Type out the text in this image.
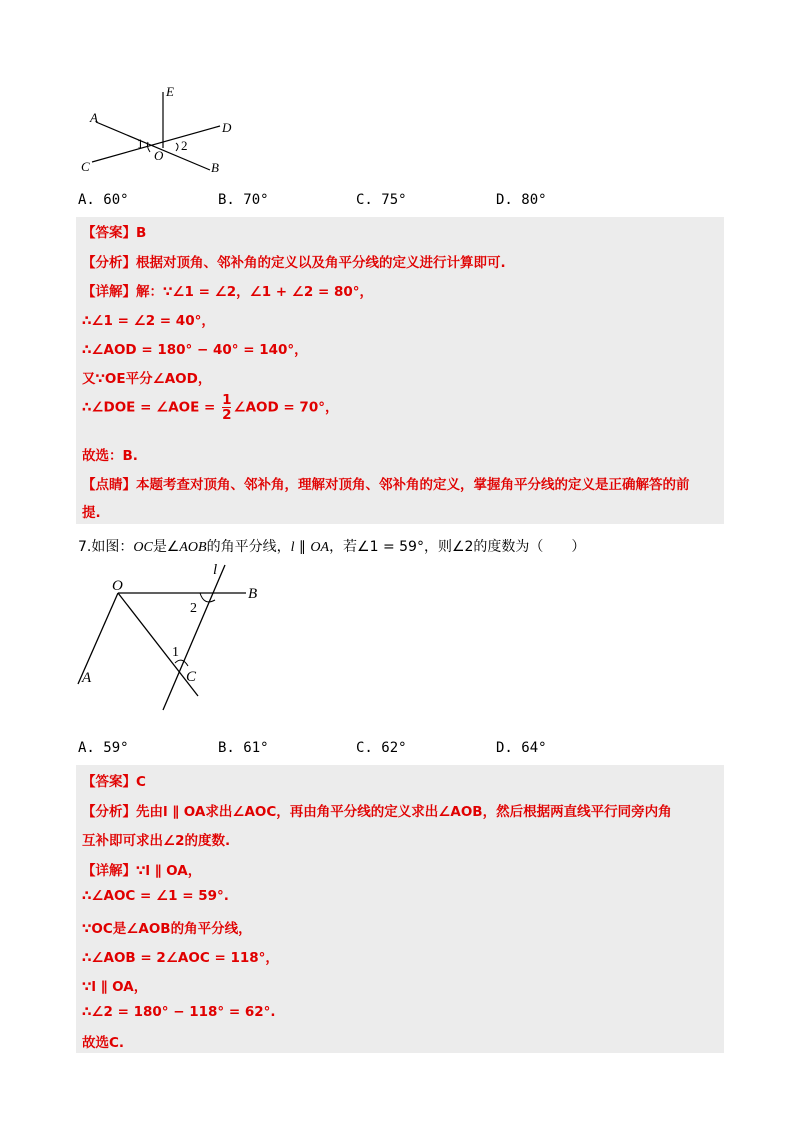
E
A
D
C	B
O
1	2
A. 60°	B. 70°	C. 75°	D. 80°
【答案】B
【分析】根据对顶角、邻补角的定义以及角平分线的定义进行计算即可.
【详解】解：∵∠1 = ∠2，∠1 + ∠2 = 80°，
∴∠1 = ∠2 = 40°，
∴∠AOD = 180° − 40° = 140°，
又∵OE平分∠AOD，
∴∠DOE = ∠AOE = $\frac{1}{2}$ ∠AOD = 70°，
故选：B.
【点睛】本题考查对顶角、邻补角，理解对顶角、邻补角的定义，掌握角平分线的定义是正确解答的前
提.
7.如图：OC是∠AOB的角平分线，l ∥ OA，若∠1 = 59°，则∠2的度数为（　　）
O	B
A	C
l
1
2
A. 59°	B. 61°	C. 62°	D. 64°
【答案】C
【分析】先由l ∥ OA求出∠AOC，再由角平分线的定义求出∠AOB，然后根据两直线平行同旁内角
互补即可求出∠2的度数.
【详解】∵l ∥ OA，
∴∠AOC = ∠1 = 59°.
∵OC是∠AOB的角平分线，
∴∠AOB = 2∠AOC = 118°，
∵l ∥ OA，
∴∠2 = 180° − 118° = 62°.
故选C.
